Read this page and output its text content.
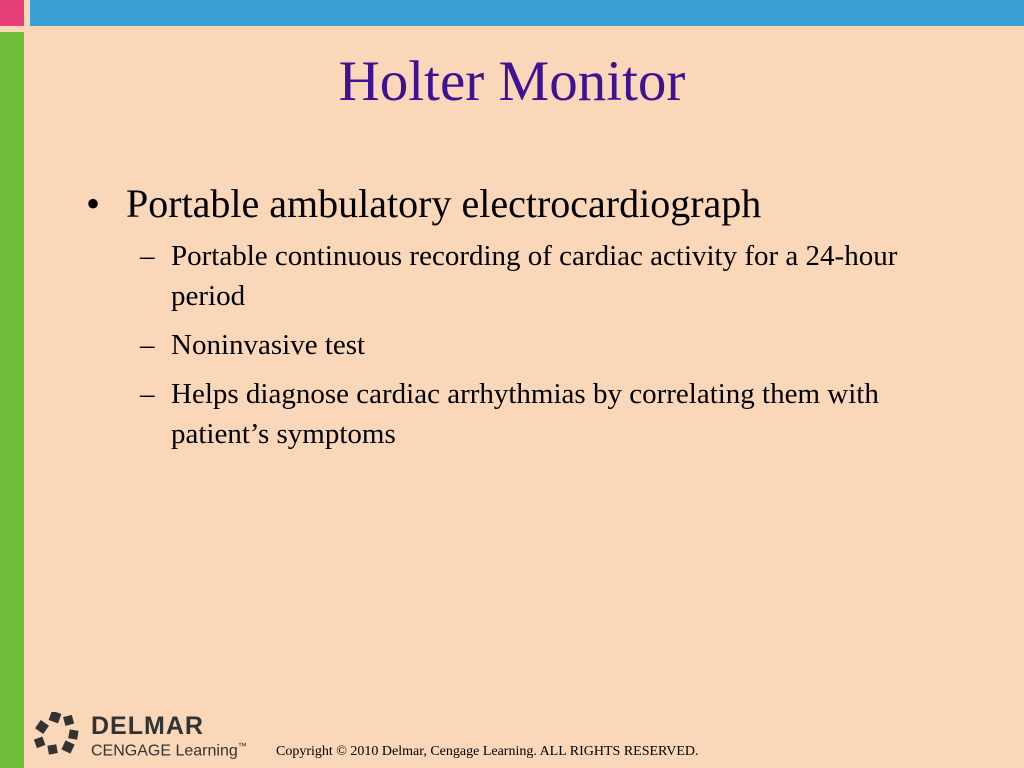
Holter Monitor
• Portable ambulatory electrocardiograph
– Portable continuous recording of cardiac activity for a 24-hour period
– Noninvasive test
– Helps diagnose cardiac arrhythmias by correlating them with patient’s symptoms
DELMAR
CENGAGE Learning™ Copyright © 2010 Delmar, Cengage Learning. ALL RIGHTS RESERVED.
